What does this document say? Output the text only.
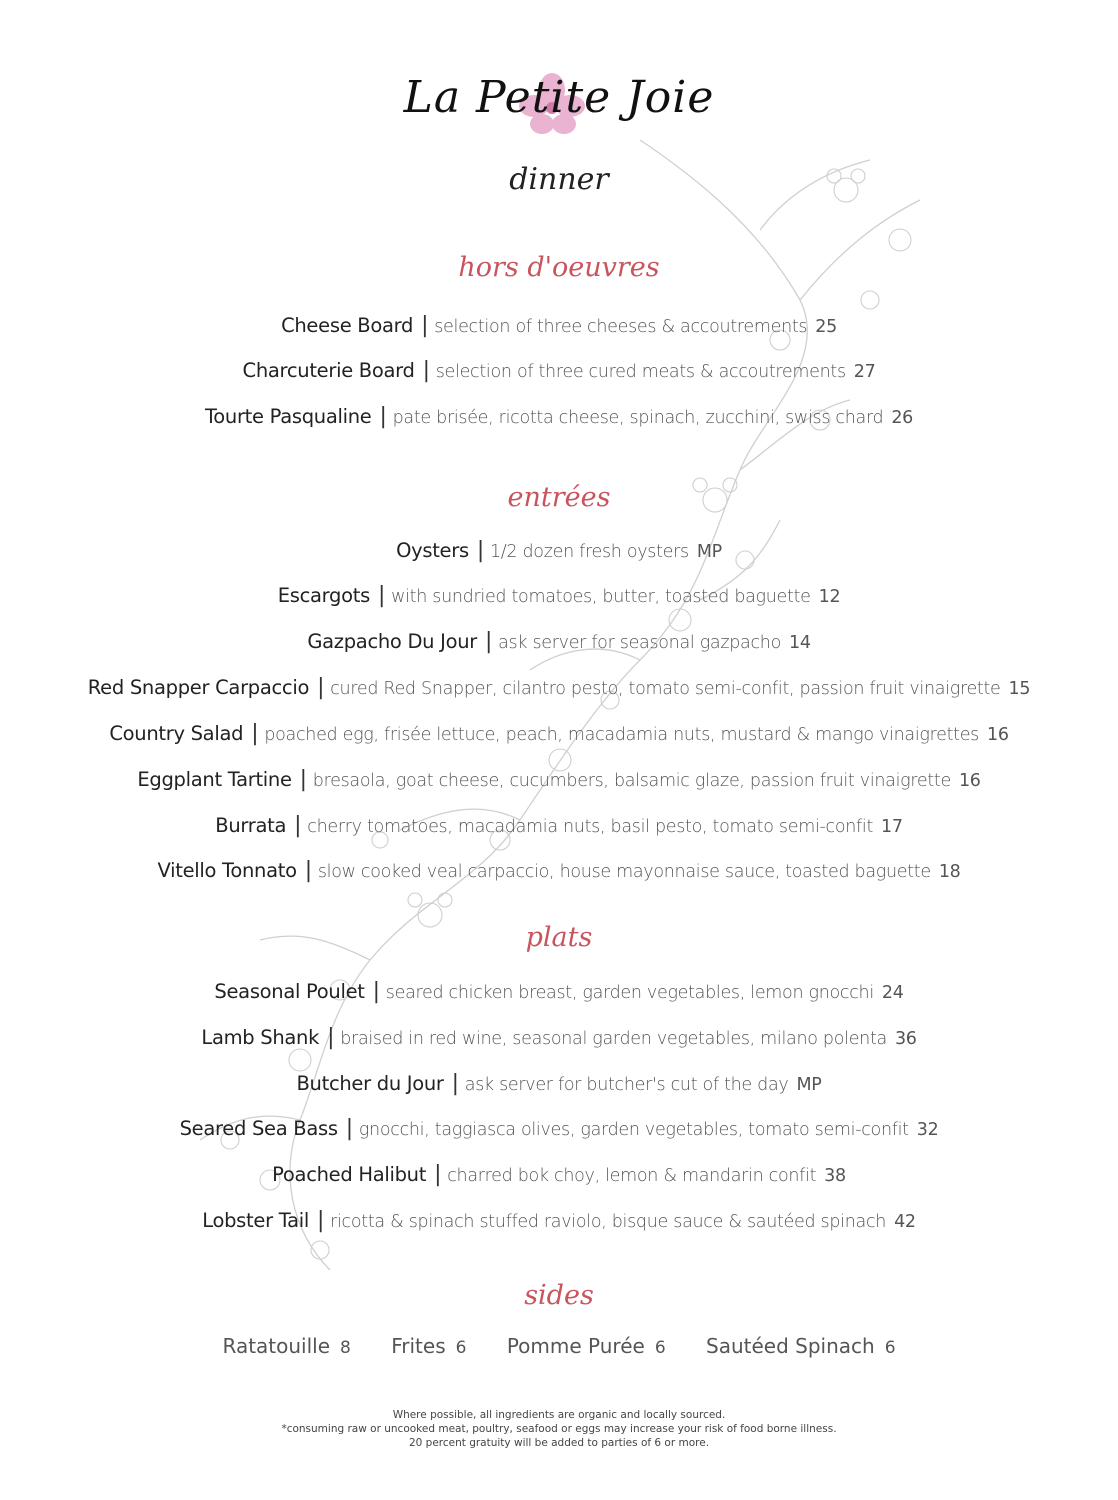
La Petite Joie
dinner
hors d'oeuvres
Cheese Board | selection of three cheeses & accoutrements 25
Charcuterie Board | selection of three cured meats & accoutrements 27
Tourte Pasqualine | pate brisée, ricotta cheese, spinach, zucchini, swiss chard 26
entrées
Oysters | 1/2 dozen fresh oysters MP
Escargots | with sundried tomatoes, butter, toasted baguette 12
Gazpacho Du Jour | ask server for seasonal gazpacho 14
Red Snapper Carpaccio | cured Red Snapper, cilantro pesto, tomato semi-confit, passion fruit vinaigrette 15
Country Salad | poached egg, frisée lettuce, peach, macadamia nuts, mustard & mango vinaigrettes 16
Eggplant Tartine | bresaola, goat cheese, cucumbers, balsamic glaze, passion fruit vinaigrette 16
Burrata | cherry tomatoes, macadamia nuts, basil pesto, tomato semi-confit 17
Vitello Tonnato | slow cooked veal carpaccio, house mayonnaise sauce, toasted baguette 18
plats
Seasonal Poulet | seared chicken breast, garden vegetables, lemon gnocchi 24
Lamb Shank | braised in red wine, seasonal garden vegetables, milano polenta 36
Butcher du Jour | ask server for butcher's cut of the day MP
Seared Sea Bass | gnocchi, taggiasca olives, garden vegetables, tomato semi-confit 32
Poached Halibut | charred bok choy, lemon & mandarin confit 38
Lobster Tail | ricotta & spinach stuffed raviolo, bisque sauce & sautéed spinach 42
sides
Ratatouille 8 Frites 6 Pomme Purée 6 Sautéed Spinach 6
Where possible, all ingredients are organic and locally sourced.
*consuming raw or uncooked meat, poultry, seafood or eggs may increase your risk of food borne illness.
20 percent gratuity will be added to parties of 6 or more.
